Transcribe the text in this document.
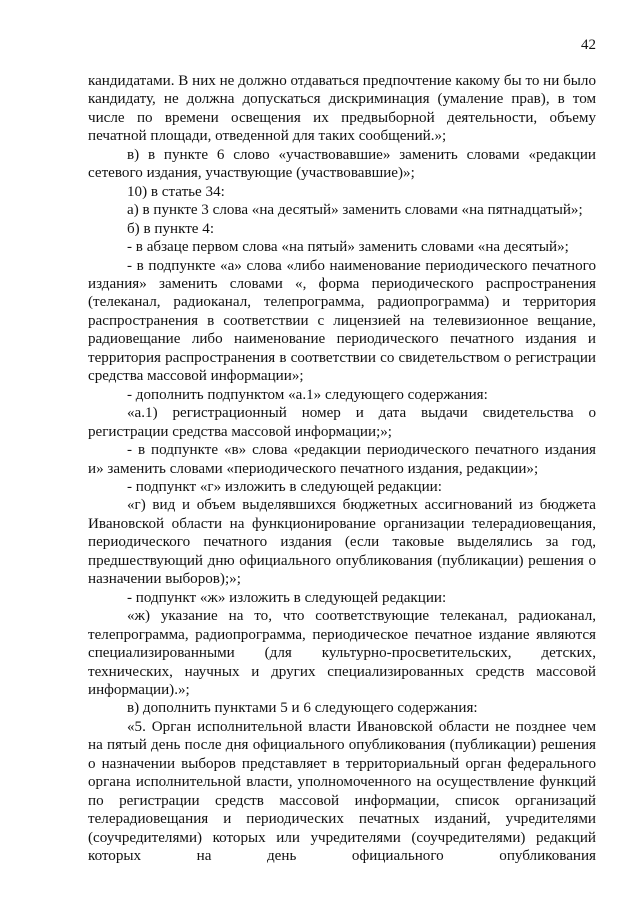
42

кандидатами. В них не должно отдаваться предпочтение какому бы то ни было кандидату, не должна допускаться дискриминация (умаление прав), в том числе по времени освещения их предвыборной деятельности, объему печатной площади, отведенной для таких сообщений.»;

в) в пункте 6 слово «участвовавшие» заменить словами «редакции сетевого издания, участвующие (участвовавшие)»;

10) в статье 34:

а) в пункте 3 слова «на десятый» заменить словами «на пятнадцатый»;

б) в пункте 4:

- в абзаце первом слова «на пятый» заменить словами «на десятый»;

- в подпункте «а» слова «либо наименование периодического печатного издания» заменить словами «, форма периодического распространения (телеканал, радиоканал, телепрограмма, радиопрограмма) и территория распространения в соответствии с лицензией на телевизионное вещание, радиовещание либо наименование периодического печатного издания и территория распространения в соответствии со свидетельством о регистрации средства массовой информации»;

- дополнить подпунктом «а.1» следующего содержания:

«а.1) регистрационный номер и дата выдачи свидетельства о регистрации средства массовой информации;»;

- в подпункте «в» слова «редакции периодического печатного издания и» заменить словами «периодического печатного издания, редакции»;

- подпункт «г» изложить в следующей редакции:

«г) вид и объем выделявшихся бюджетных ассигнований из бюджета Ивановской области на функционирование организации телерадиовещания, периодического печатного издания (если таковые выделялись за год, предшествующий дню официального опубликования (публикации) решения о назначении выборов);»;

- подпункт «ж» изложить в следующей редакции:

«ж) указание на то, что соответствующие телеканал, радиоканал, телепрограмма, радиопрограмма, периодическое печатное издание являются специализированными (для культурно-просветительских, детских, технических, научных и других специализированных средств массовой информации).»;

в) дополнить пунктами 5 и 6 следующего содержания:

«5. Орган исполнительной власти Ивановской области не позднее чем на пятый день после дня официального опубликования (публикации) решения о назначении выборов представляет в территориальный орган федерального органа исполнительной власти, уполномоченного на осуществление функций по регистрации средств массовой информации, список организаций телерадиовещания и периодических печатных изданий, учредителями (соучредителями) которых или учредителями (соучредителями) редакций которых на день официального опубликования
